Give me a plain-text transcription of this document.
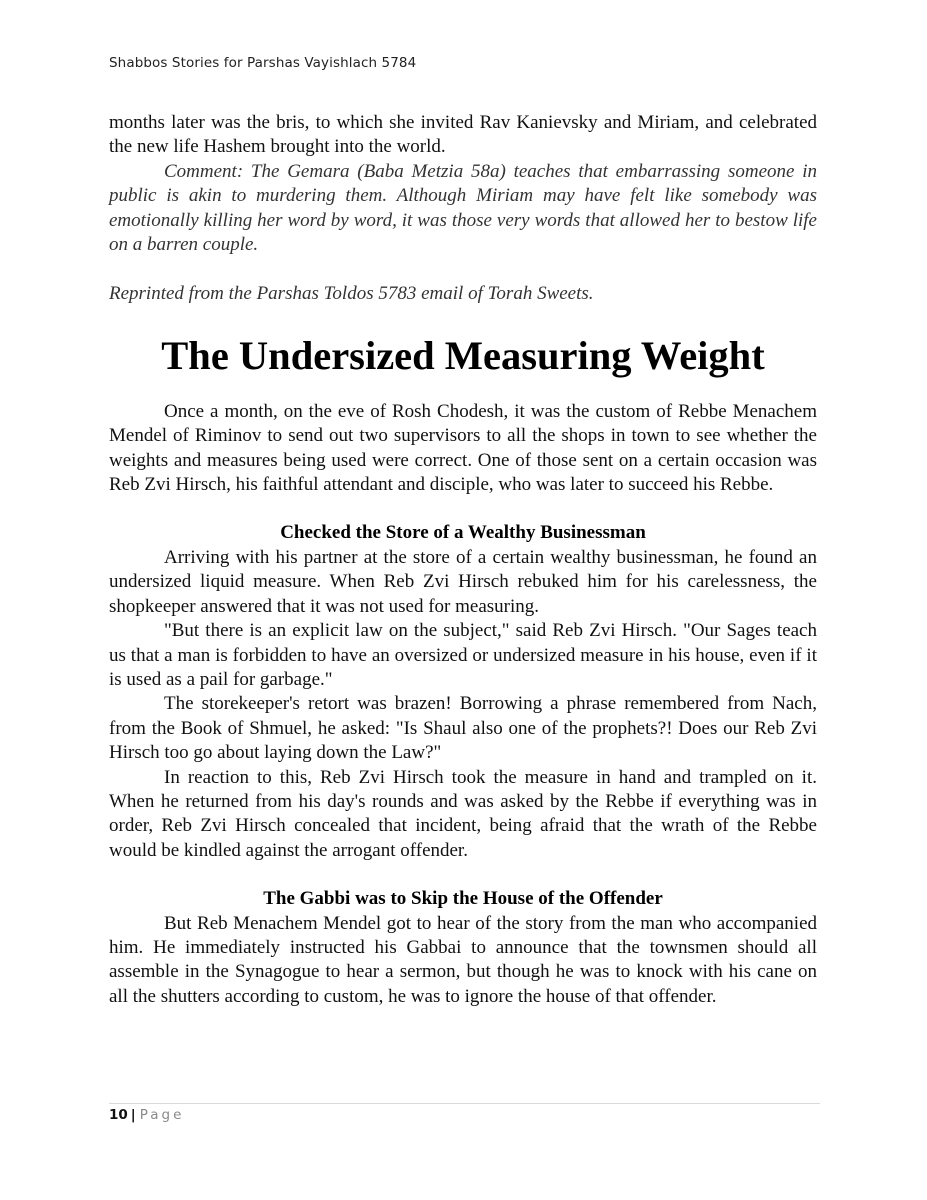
Shabbos Stories for Parshas Vayishlach 5784

months later was the bris, to which she invited Rav Kanievsky and Miriam, and celebrated the new life Hashem brought into the world.

Comment: The Gemara (Baba Metzia 58a) teaches that embarrassing someone in public is akin to murdering them. Although Miriam may have felt like somebody was emotionally killing her word by word, it was those very words that allowed her to bestow life on a barren couple.

Reprinted from the Parshas Toldos 5783 email of Torah Sweets.

The Undersized Measuring Weight

Once a month, on the eve of Rosh Chodesh, it was the custom of Rebbe Menachem Mendel of Riminov to send out two supervisors to all the shops in town to see whether the weights and measures being used were correct. One of those sent on a certain occasion was Reb Zvi Hirsch, his faithful attendant and disciple, who was later to succeed his Rebbe.

Checked the Store of a Wealthy Businessman

Arriving with his partner at the store of a certain wealthy businessman, he found an undersized liquid measure. When Reb Zvi Hirsch rebuked him for his carelessness, the shopkeeper answered that it was not used for measuring.

"But there is an explicit law on the subject," said Reb Zvi Hirsch. "Our Sages teach us that a man is forbidden to have an oversized or undersized measure in his house, even if it is used as a pail for garbage."

The storekeeper's retort was brazen! Borrowing a phrase remembered from Nach, from the Book of Shmuel, he asked: "Is Shaul also one of the prophets?! Does our Reb Zvi Hirsch too go about laying down the Law?"

In reaction to this, Reb Zvi Hirsch took the measure in hand and trampled on it. When he returned from his day's rounds and was asked by the Rebbe if everything was in order, Reb Zvi Hirsch concealed that incident, being afraid that the wrath of the Rebbe would be kindled against the arrogant offender.

The Gabbi was to Skip the House of the Offender

But Reb Menachem Mendel got to hear of the story from the man who accompanied him. He immediately instructed his Gabbai to announce that the townsmen should all assemble in the Synagogue to hear a sermon, but though he was to knock with his cane on all the shutters according to custom, he was to ignore the house of that offender.

10 | Page
